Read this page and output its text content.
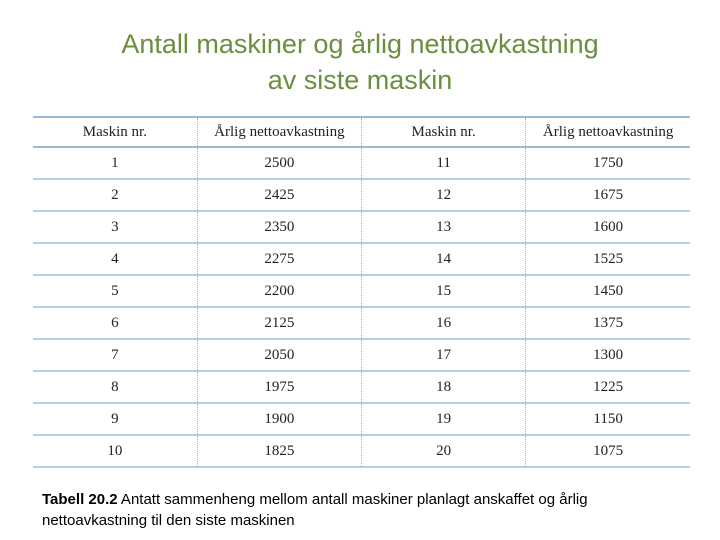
Antall maskiner og årlig nettoavkastning
av siste maskin
Maskin nr.	Årlig nettoavkastning	Maskin nr.	Årlig nettoavkastning
1	2500	11	1750
2	2425	12	1675
3	2350	13	1600
4	2275	14	1525
5	2200	15	1450
6	2125	16	1375
7	2050	17	1300
8	1975	18	1225
9	1900	19	1150
10	1825	20	1075
Tabell 20.2 Antatt sammenheng mellom antall maskiner planlagt anskaffet og årlig nettoavkastning til den siste maskinen
